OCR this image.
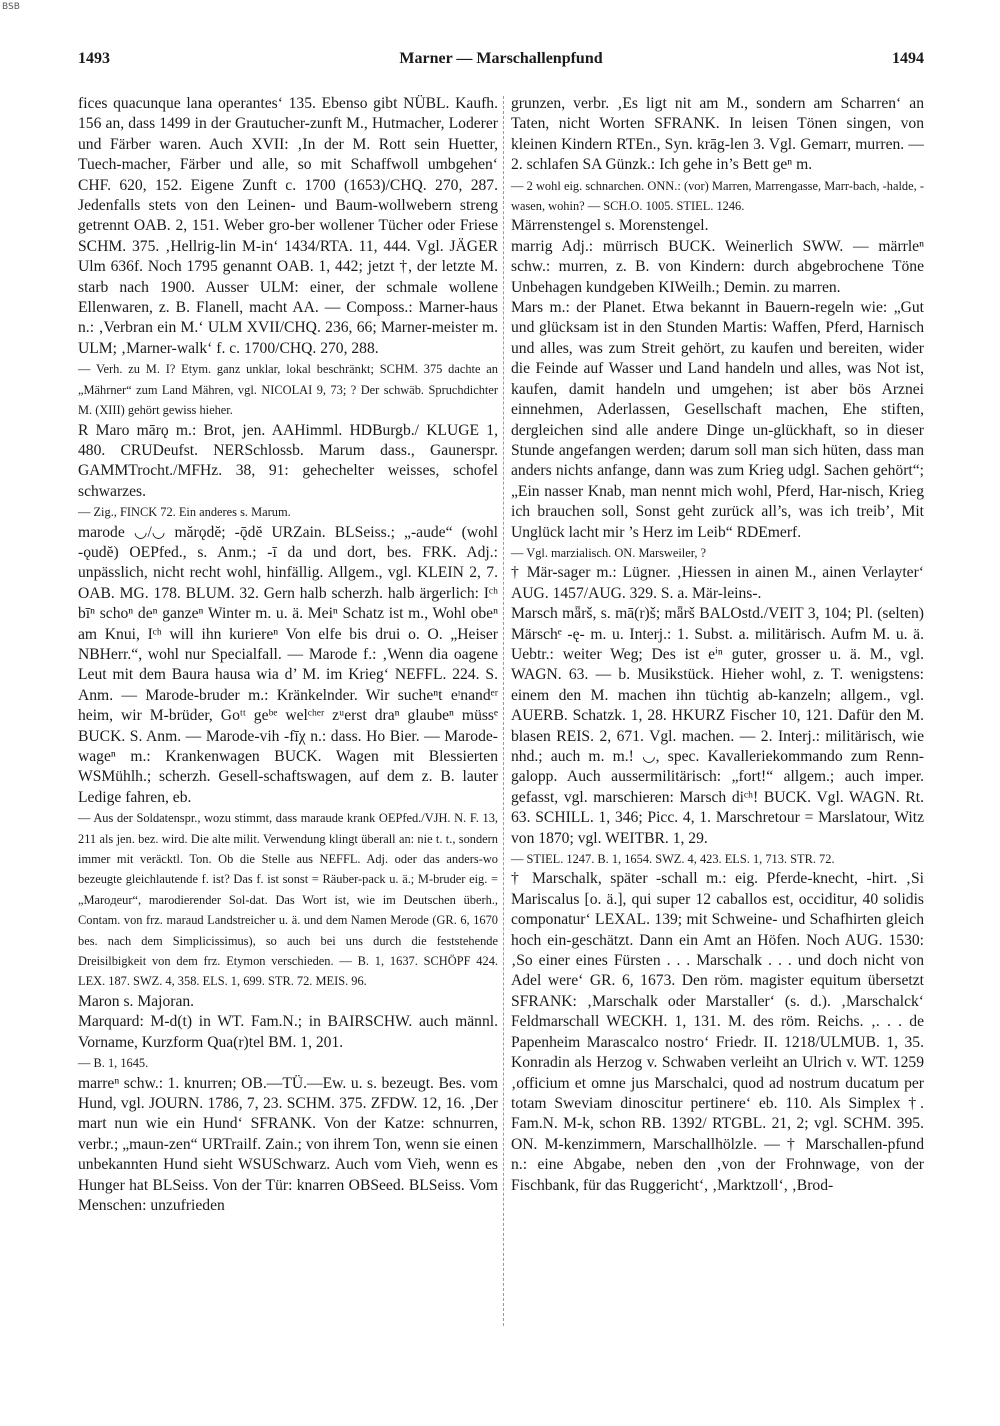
BSB
1493	Marner — Marschallenpfund	1494

fices quacunque lana operantes‘ 135. Ebenso gibt NÜBL. Kaufh. 156 an, dass 1499 in der Grautucher-zunft M., Hutmacher, Loderer und Färber waren. Auch XVII: ‚In der M. Rott sein Huetter, Tuech-macher, Färber und alle, so mit Schaffwoll umbgehen‘ CHF. 620, 152. Eigene Zunft c. 1700 (1653)/CHQ. 270, 287. Jedenfalls stets von den Leinen- und Baum-wollwebern streng getrennt OAB. 2, 151. Weber gro-ber wollener Tücher oder Friese SCHM. 375. ‚Hellrig-lin M-in‘ 1434/RTA. 11, 444. Vgl. JÄGER Ulm 636f. Noch 1795 genannt OAB. 1, 442; jetzt †, der letzte M. starb nach 1900. Ausser ULM: einer, der schmale wollene Ellenwaren, z. B. Flanell, macht AA. — Composs.: Marner-haus n.: ‚Verbran ein M.‘ ULM XVII/CHQ. 236, 66; Marner-meister m. ULM; ‚Marner-walk‘ f. c. 1700/CHQ. 270, 288.

— Verh. zu M. I? Etym. ganz unklar, lokal beschränkt; SCHM. 375 dachte an „Mährner“ zum Land Mähren, vgl. NICOLAI 9, 73; ? Der schwäb. Spruchdichter M. (XIII) gehört gewiss hieher.

R Maro mārǫ m.: Brot, jen. AAHimml. HDBurgb./ KLUGE 1, 480. CRUDeufst. NERSchlossb. Marum dass., Gaunerspr. GAMMTrocht./MFHz. 38, 91: gehechelter weisses, schofel schwarzes.

— Zig., FINCK 72. Ein anderes s. Marum.

marode ◡/◡ mărǫdĕ; -ǭdĕ URZain. BLSeiss.; „-aude“ (wohl -ǫudĕ) OEPfed., s. Anm.; -ī da und dort, bes. FRK. Adj.: unpässlich, nicht recht wohl, hinfällig. Allgem., vgl. KLEIN 2, 7. OAB. MG. 178. BLUM. 32. Gern halb scherzh. halb ärgerlich: Iᶜʰ bīⁿ schoⁿ deⁿ ganzeⁿ Winter m. u. ä. Meiⁿ Schatz ist m., Wohl obeⁿ am Knui, Iᶜʰ will ihn kuriereⁿ Von elfe bis drui o. O. „Heiser NBHerr.“, wohl nur Specialfall. — Marode f.: ‚Wenn dia oagene Leut mit dem Baura hausa wia d’ M. im Krieg‘ NEFFL. 224. S. Anm. — Marode-bruder m.: Kränkelnder. Wir sucheⁿt eᶦnandᵉʳ heim, wir M-brüder, Goᵗᵗ geᵇᵉ welᶜʰᵉʳ zᵘerst draⁿ glaubeⁿ müssᵉ BUCK. S. Anm. — Marode-vih -fīχ n.: dass. Ho Bier. — Marode-wageⁿ m.: Krankenwagen BUCK. Wagen mit Blessierten WSMühlh.; scherzh. Gesell-schaftswagen, auf dem z. B. lauter Ledige fahren, eb.

— Aus der Soldatenspr., wozu stimmt, dass maraude krank OEPfed./VJH. N. F. 13, 211 als jen. bez. wird. Die alte milit. Verwendung klingt überall an: nie t. t., sondern immer mit veräcktl. Ton. Ob die Stelle aus NEFFL. Adj. oder das anders-wo bezeugte gleichlautende f. ist? Das f. ist sonst = Räuber-pack u. ä.; M-bruder eig. = „Maroдeur“, marodierender Sol-dat. Das Wort ist, wie im Deutschen überh., Contam. von frz. maraud Landstreicher u. ä. und dem Namen Merode (GR. 6, 1670 bes. nach dem Simplicissimus), so auch bei uns durch die feststehende Dreisilbigkeit von dem frz. Etymon verschieden. — B. 1, 1637. SCHÖPF 424. LEX. 187. SWZ. 4, 358. ELS. 1, 699. STR. 72. MEIS. 96.

Maron s. Majoran.

Marquard: M-d(t) in WT. Fam.N.; in BAIRSCHW. auch männl. Vorname, Kurzform Qua(r)tel BM. 1, 201.

— B. 1, 1645.

marreⁿ schw.: 1. knurren; OB.—TÜ.—Ew. u. s. bezeugt. Bes. vom Hund, vgl. JOURN. 1786, 7, 23. SCHM. 375. ZFDW. 12, 16. ‚Der mart nun wie ein Hund‘ SFRANK. Von der Katze: schnurren, verbr.; „maun-zen“ URTrailf. Zain.; von ihrem Ton, wenn sie einen unbekannten Hund sieht WSUSchwarz. Auch vom Vieh, wenn es Hunger hat BLSeiss. Von der Tür: knarren OBSeed. BLSeiss. Vom Menschen: unzufrieden

grunzen, verbr. ‚Es ligt nit am M., sondern am Scharren‘ an Taten, nicht Worten SFRANK. In leisen Tönen singen, von kleinen Kindern RTEn., Syn. krāg-len 3. Vgl. Gemarr, murren. — 2. schlafen SA Günzk.: Ich gehe in’s Bett geⁿ m.

— 2 wohl eig. schnarchen. ONN.: (vor) Marren, Marrengasse, Marr-bach, -halde, -wasen, wohin? — SCH.O. 1005. STIEL. 1246.

Märrenstengel s. Morenstengel.

marrig Adj.: mürrisch BUCK. Weinerlich SWW. — märrleⁿ schw.: murren, z. B. von Kindern: durch abgebrochene Töne Unbehagen kundgeben KIWeilh.; Demin. zu marren.

Mars m.: der Planet. Etwa bekannt in Bauern-regeln wie: „Gut und glücksam ist in den Stunden Martis: Waffen, Pferd, Harnisch und alles, was zum Streit gehört, zu kaufen und bereiten, wider die Feinde auf Wasser und Land handeln und alles, was Not ist, kaufen, damit handeln und umgehen; ist aber bös Arznei einnehmen, Aderlassen, Gesellschaft machen, Ehe stiften, dergleichen sind alle andere Dinge un-glückhaft, so in dieser Stunde angefangen werden; darum soll man sich hüten, dass man anders nichts anfange, dann was zum Krieg udgl. Sachen gehört“; „Ein nasser Knab, man nennt mich wohl, Pferd, Har-nisch, Krieg ich brauchen soll, Sonst geht zurück all’s, was ich treib’, Mit Unglück lacht mir ’s Herz im Leib“ RDEmerf.

— Vgl. marzialisch. ON. Marsweiler, ?

† Mär-sager m.: Lügner. ‚Hiessen in ainen M., ainen Verlayter‘ AUG. 1457/AUG. 329. S. a. Mär-leins-.

Marsch mǟrš, s. mā(r)š; mǟrš BALOstd./VEIT 3, 104; Pl. (selten) Märschᵉ -ę- m. u. Interj.: 1. Subst. a. militärisch. Aufm M. u. ä. Uebtr.: weiter Weg; Des ist eⁱⁿ guter, grosser u. ä. M., vgl. WAGN. 63. — b. Musikstück. Hieher wohl, z. T. wenigstens: einem den M. machen ihn tüchtig ab-kanzeln; allgem., vgl. AUERB. Schatzk. 1, 28. HKURZ Fischer 10, 121. Dafür den M. blasen REIS. 2, 671. Vgl. machen. — 2. Interj.: militärisch, wie nhd.; auch m. m.! ◡, spec. Kavalleriekommando zum Renn-galopp. Auch aussermilitärisch: „fort!“ allgem.; auch imper. gefasst, vgl. marschieren: Marsch diᶜʰ! BUCK. Vgl. WAGN. Rt. 63. SCHILL. 1, 346; Picc. 4, 1. Marschretour = Marslatour, Witz von 1870; vgl. WEITBR. 1, 29.

— STIEL. 1247. B. 1, 1654. SWZ. 4, 423. ELS. 1, 713. STR. 72.

† Marschalk, später -schall m.: eig. Pferde-knecht, -hirt. ‚Si Mariscalus [o. ä.], qui super 12 caballos est, occiditur, 40 solidis componatur‘ LEXAL. 139; mit Schweine- und Schafhirten gleich hoch ein-geschätzt. Dann ein Amt an Höfen. Noch AUG. 1530: ‚So einer eines Fürsten . . . Marschalk . . . und doch nicht von Adel were‘ GR. 6, 1673. Den röm. magister equitum übersetzt SFRANK: ‚Marschalk oder Marstaller‘ (s. d.). ‚Marschalck‘ Feldmarschall WECKH. 1, 131. M. des röm. Reichs. ‚. . . de Papenheim Marascalco nostro‘ Friedr. II. 1218/ULMUB. 1, 35. Konradin als Herzog v. Schwaben verleiht an Ulrich v. WT. 1259 ‚officium et omne jus Marschalci, quod ad nostrum ducatum per totam Sweviam dinoscitur pertinere‘ eb. 110. Als Simplex †. Fam.N. M-k, schon RB. 1392/ RTGBL. 21, 2; vgl. SCHM. 395. ON. M-kenzimmern, Marschallhölzle. — † Marschallen-pfund n.: eine Abgabe, neben den ‚von der Frohnwage, von der Fischbank, für das Ruggericht‘, ‚Marktzoll‘, ‚Brod-
